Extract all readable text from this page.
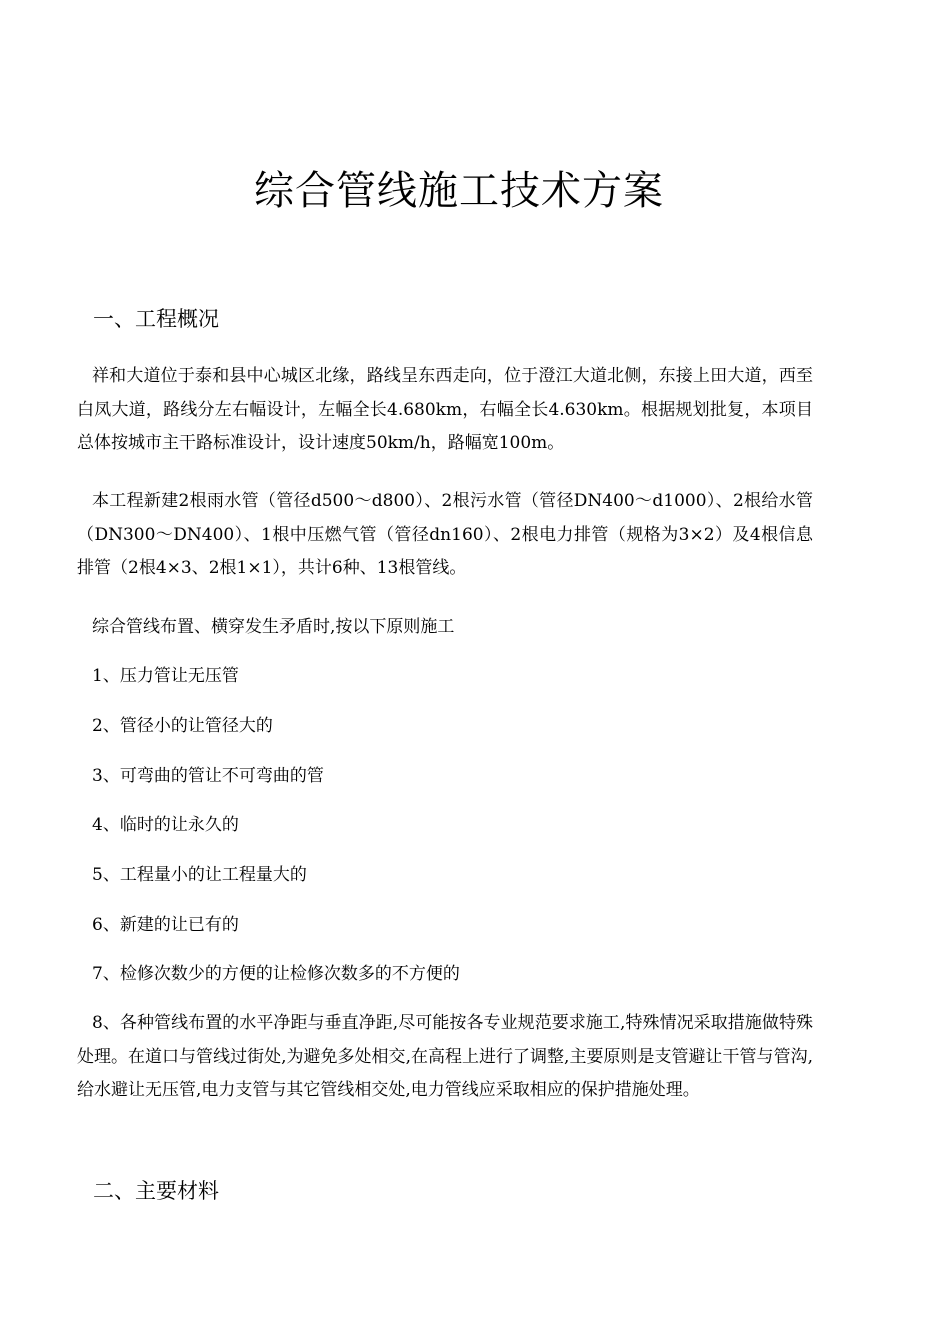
综合管线施工技术方案
一、工程概况

祥和大道位于泰和县中心城区北缘，路线呈东西走向，位于澄江大道北侧，东接上田大道，西至白凤大道，路线分左右幅设计，左幅全长4.680km，右幅全长4.630km。根据规划批复，本项目总体按城市主干路标准设计，设计速度50km/h，路幅宽100m。

本工程新建2根雨水管（管径d500～d800）、2根污水管（管径DN400～d1000）、2根给水管（DN300～DN400）、1根中压燃气管（管径dn160）、2根电力排管（规格为3×2）及4根信息排管（2根4×3、2根1×1），共计6种、13根管线。

综合管线布置、横穿发生矛盾时,按以下原则施工

1、压力管让无压管

2、管径小的让管径大的

3、可弯曲的管让不可弯曲的管

4、临时的让永久的

5、工程量小的让工程量大的

6、新建的让已有的

7、检修次数少的方便的让检修次数多的不方便的

8、各种管线布置的水平净距与垂直净距,尽可能按各专业规范要求施工,特殊情况采取措施做特殊处理。在道口与管线过街处,为避免多处相交,在高程上进行了调整,主要原则是支管避让干管与管沟,给水避让无压管,电力支管与其它管线相交处,电力管线应采取相应的保护措施处理。

二、主要材料
